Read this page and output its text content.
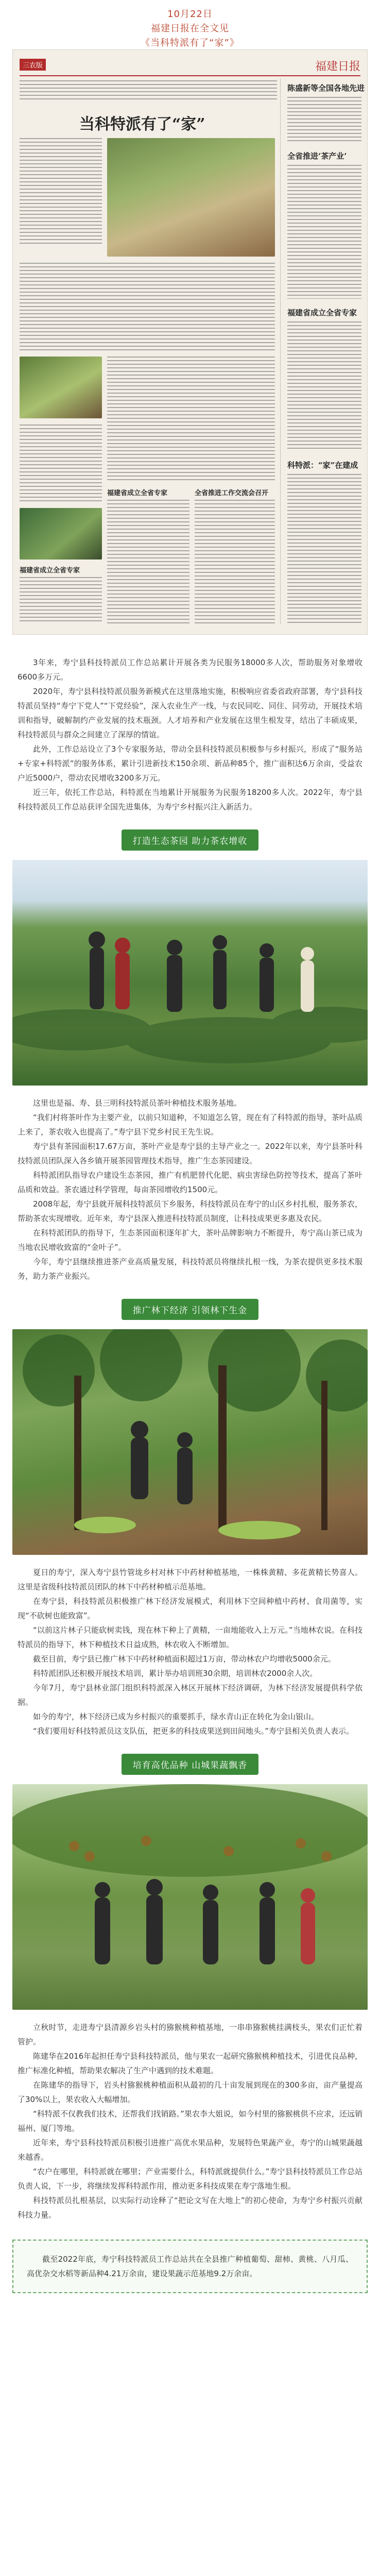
10月22日
福建日报在全文见
《当科特派有了“家”》
三农版	福建日报
当科特派有了“家”
陈盛新等全国各地先进
全省推进‘茶产业’
福建省成立全省专家
科特派：“家”在建成
福建省成立全省专家
福建省成立全省专家	全省推进工作交流会召开

3年来，寿宁县科技特派员工作总站累计开展各类为民服务18000多人次，帮助服务对象增收6600多万元。

2020年，寿宁县科技特派员服务新模式在这里落地实施，积极响应省委省政府部署，寿宁县科技特派员坚持“寿宁下党人”“下党经验”，深入农业生产一线，与农民同吃、同住、同劳动，开展技术培训和指导，破解制约产业发展的技术瓶颈。人才培养和产业发展在这里生根发芽，结出了丰硕成果，科技特派员与群众之间建立了深厚的情谊。

此外，工作总站设立了3个专家服务站，带动全县科技特派员积极参与乡村振兴，形成了“服务站+专家+科特派”的服务体系，累计引进新技术150余项、新品种85个，推广面积达6万余亩，受益农户近5000户，带动农民增收3200多万元。

近三年，依托工作总站，科特派在当地累计开展服务为民服务18200多人次。2022年，寿宁县科技特派员工作总站获评全国先进集体，为寿宁乡村振兴注入新活力。

打造生态茶园 助力茶农增收

这里也是福、寿、县三明科技特派员茶叶种植技术服务基地。

“我们村将茶叶作为主要产业，以前只知道种，不知道怎么管，现在有了科特派的指导，茶叶品质上来了，茶农收入也提高了。”寿宁县下党乡村民王先生说。

寿宁县有茶园面积17.67万亩，茶叶产业是寿宁县的主导产业之一。2022年以来，寿宁县茶叶科技特派员团队深入各乡镇开展茶园管理技术指导，推广生态茶园建设。

科特派团队指导农户建设生态茶园，推广有机肥替代化肥、病虫害绿色防控等技术，提高了茶叶品质和效益。茶农通过科学管理，每亩茶园增收约1500元。

2008年起，寿宁县就开展科技特派员下乡服务，科技特派员在寿宁的山区乡村扎根，服务茶农，帮助茶农实现增收。近年来，寿宁县深入推进科技特派员制度，让科技成果更多惠及农民。

在科特派团队的指导下，生态茶园面积逐年扩大，茶叶品牌影响力不断提升，寿宁高山茶已成为当地农民增收致富的“金叶子”。

今年，寿宁县继续推进茶产业高质量发展，科技特派员将继续扎根一线，为茶农提供更多技术服务，助力茶产业振兴。

推广林下经济 引领林下生金

夏日的寿宁，深入寿宁县竹管垅乡村对林下中药材种植基地，一株株黄精、多花黄精长势喜人。这里是省级科技特派员团队的林下中药材种植示范基地。

在寿宁县，科技特派员积极推广林下经济发展模式，利用林下空间种植中药材、食用菌等，实现“不砍树也能致富”。

“以前这片林子只能砍树卖钱，现在林下种上了黄精，一亩地能收入上万元。”当地林农说。在科技特派员的指导下，林下种植技术日益成熟，林农收入不断增加。

截至目前，寿宁县已推广林下中药材种植面积超过1万亩，带动林农户均增收5000余元。

科特派团队还积极开展技术培训，累计举办培训班30余期，培训林农2000余人次。

今年7月，寿宁县林业部门组织科特派深入林区开展林下经济调研，为林下经济发展提供科学依据。

如今的寿宁，林下经济已成为乡村振兴的重要抓手，绿水青山正在转化为金山银山。

“我们要用好科技特派员这支队伍，把更多的科技成果送到田间地头。”寿宁县相关负责人表示。

培育高优品种 山城果蔬飘香

立秋时节，走进寿宁县清源乡岩头村的猕猴桃种植基地，一串串猕猴桃挂满枝头，果农们正忙着管护。

陈建华在2016年起担任寿宁县科技特派员，他与果农一起研究猕猴桃种植技术，引进优良品种，推广标准化种植，帮助果农解决了生产中遇到的技术难题。

在陈建华的指导下，岩头村猕猴桃种植面积从最初的几十亩发展到现在的300多亩，亩产量提高了30%以上，果农收入大幅增加。

“科特派不仅教我们技术，还帮我们找销路。”果农李大姐说，如今村里的猕猴桃供不应求，还远销福州、厦门等地。

近年来，寿宁县科技特派员积极引进推广高优水果品种，发展特色果蔬产业，寿宁的山城果蔬越来越香。

“农户在哪里，科特派就在哪里；产业需要什么，科特派就提供什么。”寿宁县科技特派员工作总站负责人说，下一步，将继续发挥科特派作用，推动更多科技成果在寿宁落地生根。

科技特派员扎根基层，以实际行动诠释了“把论文写在大地上”的初心使命，为寿宁乡村振兴贡献科技力量。

截至2022年底，寿宁科技特派员工作总站共在全县推广种植葡萄、甜柿、黄桃、八月瓜、高优杂交水稻等新品种4.21万余亩，建设果蔬示范基地9.2万余亩。
